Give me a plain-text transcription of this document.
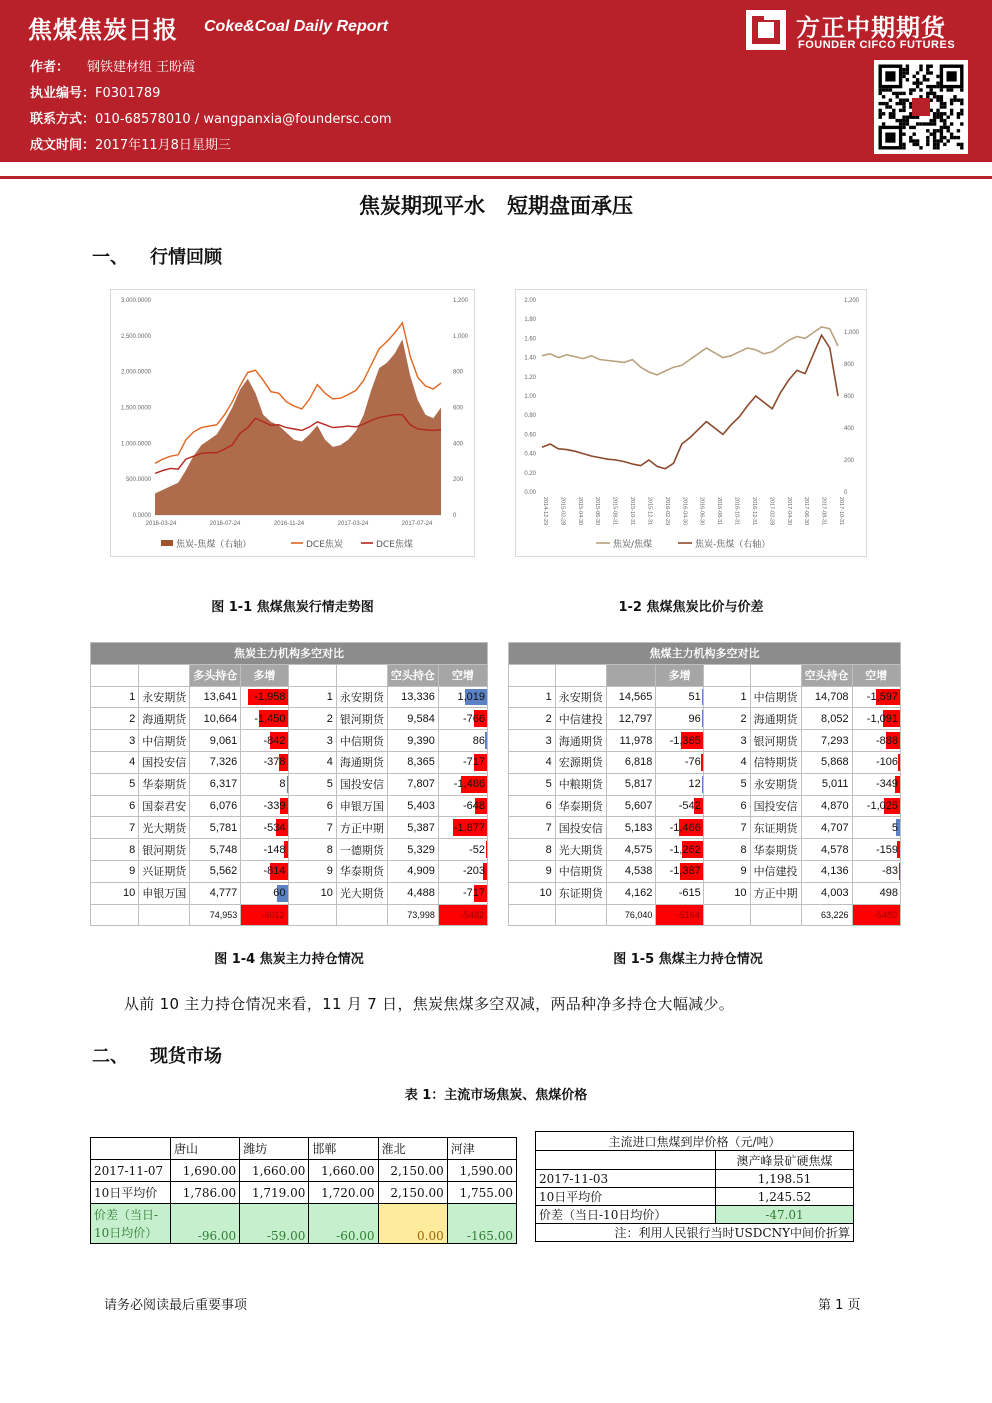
焦煤焦炭日报 Coke&Coal Daily Report
作者： 钢铁建材组 王盼霞
执业编号：F0301789
联系方式：010-68578010 / wangpanxia@foundersc.com
成文时间：2017年11月8日星期三
方正中期期货
FOUNDER CIFCO FUTURES
焦炭期现平水   短期盘面承压
一、 行情回顾
0.0000
500.0000
1,000.0000
1,500.0000
2,000.0000
2,500.0000
3,000.0000
0
200
400
600
800
1,000
1,200
2016-03-24	2016-07-24	2016-11-24	2017-03-24	2017-07-24
焦炭-焦煤（右轴）	DCE焦炭	DCE焦煤
0.00
0.20
0.40
0.60
0.80
1.00
1.20
1.40
1.60
1.80
2.00
0
200
400
600
800
1,000
1,200
2014-12-29 2015-02-28 2015-04-30 2015-06-30 2015-08-31 2015-10-31 2015-12-31 2016-02-29 2016-04-30 2016-06-30 2016-08-31 2016-10-31 2016-12-31 2017-02-28 2017-04-30 2017-06-30 2017-08-31 2017-10-31
焦炭/焦煤	焦炭-焦煤（右轴）
图 1-1 焦煤焦炭行情走势图	1-2 焦煤焦炭比价与价差
焦炭主力机构多空对比							
		多头持仓	多增			空头持仓	空增
1	永安期货	13,641	-1,958	1	永安期货	13,336	1,019

2	海通期货	10,664	-1,450	2	银河期货	9,584	-766

3	中信期货	9,061	-842	3	中信期货	9,390	86

4	国投安信	7,326	-378	4	海通期货	8,365	-717

5	华泰期货	6,317	8	5	国投安信	7,807	-1,486

6	国泰君安	6,076	-339	6	申银万国	5,403	-648

7	光大期货	5,781	-534	7	方正中期	5,387	-1,877

8	银河期货	5,748	-148	8	一德期货	5,329	-52

9	兴证期货	5,562	-814	9	华泰期货	4,909	-203

10	申银万国	4,777	60	10	光大期货	4,488	-717

		74,953	-6012			73,998	-5482
焦煤主力机构多空对比							
			多增			空头持仓	空增
1	永安期货	14,565	51	1	中信期货	14,708	-1,597

2	中信建投	12,797	96	2	海通期货	8,052	-1,091

3	海通期货	11,978	-1,385	3	银河期货	7,293	-888

4	宏源期货	6,818	-76	4	信特期货	5,868	-106

5	中粮期货	5,817	12	5	永安期货	5,011	-349

6	华泰期货	5,607	-542	6	国投安信	4,870	-1,025

7	国投安信	5,183	-1,466	7	东证期货	4,707	5

8	光大期货	4,575	-1,262	8	华泰期货	4,578	-159

9	中信期货	4,538	-1,387	9	中信建投	4,136	-83

10	东证期货	4,162	-615	10	方正中期	4,003	498

		76,040	-5164			63,226	-5480
图 1-4 焦炭主力持仓情况	图 1-5 焦煤主力持仓情况
从前 10 主力持仓情况来看，11 月 7 日，焦炭焦煤多空双减，两品种净多持仓大幅减少。
二、 现货市场
表 1：主流市场焦炭、焦煤价格
	唐山	潍坊	邯郸	淮北	河津
2017-11-07	1,690.00	1,660.00	1,660.00	2,150.00	1,590.00
10日平均价	1,786.00	1,719.00	1,720.00	2,150.00	1,755.00
价差（当日-
10日均价）	-96.00	-59.00	-60.00	0.00	-165.00
主流进口焦煤到岸价格（元/吨）	
	澳产峰景矿硬焦煤
2017-11-03	1,198.51
10日平均价	1,245.52
价差（当日-10日均价）	-47.01
注：利用人民银行当时USDCNY中间价折算	
请务必阅读最后重要事项	第 1 页
